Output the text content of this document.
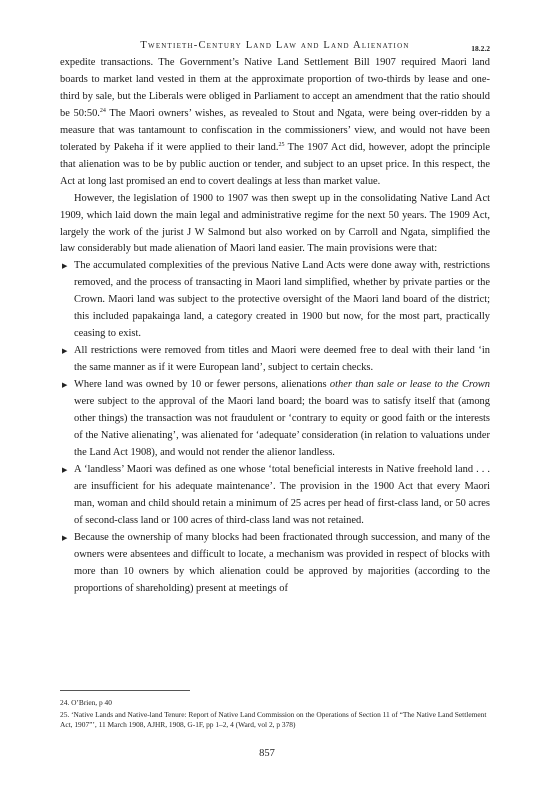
Twentieth-Century Land Law and Land Alienation	18.2.2

expedite transactions. The Government’s Native Land Settlement Bill 1907 required Maori land boards to market land vested in them at the approximate proportion of two-thirds by lease and one-third by sale, but the Liberals were obliged in Parliament to accept an amendment that the ratio should be 50:50.24 The Maori owners’ wishes, as revealed to Stout and Ngata, were being over-ridden by a measure that was tantamount to confiscation in the commissioners’ view, and would not have been tolerated by Pakeha if it were applied to their land.$^{25}$ The 1907 Act did, however, adopt the principle that alienation was to be by public auction or tender, and subject to an upset price. In this respect, the Act at long last promised an end to covert dealings at less than market value.

However, the legislation of 1900 to 1907 was then swept up in the consolidating Native Land Act 1909, which laid down the main legal and administrative regime for the next 50 years. The 1909 Act, largely the work of the jurist J W Salmond but also worked on by Carroll and Ngata, simplified the law considerably but made alienation of Maori land easier. The main provisions were that:

▶ The accumulated complexities of the previous Native Land Acts were done away with, restrictions removed, and the process of transacting in Maori land simplified, whether by private parties or the Crown. Maori land was subject to the protective oversight of the Maori land board of the district; this included papakainga land, a category created in 1900 but now, for the most part, practically ceasing to exist.
▶ All restrictions were removed from titles and Maori were deemed free to deal with their land ‘in the same manner as if it were European land’, subject to certain checks.
▶ Where land was owned by 10 or fewer persons, alienations other than sale or lease to the Crown were subject to the approval of the Maori land board; the board was to satisfy itself that (among other things) the transaction was not fraudulent or ‘contrary to equity or good faith or the interests of the Native alienating’, was alienated for ‘adequate’ consideration (in relation to valuations under the Land Act 1908), and would not render the alienor landless.
▶ A ‘landless’ Maori was defined as one whose ‘total beneficial interests in Native freehold land . . . are insufficient for his adequate maintenance’. The provision in the 1900 Act that every Maori man, woman and child should retain a minimum of 25 acres per head of first-class land, or 50 acres of second-class land or 100 acres of third-class land was not retained.
▶ Because the ownership of many blocks had been fractionated through succession, and many of the owners were absentees and difficult to locate, a mechanism was provided in respect of blocks with more than 10 owners by which alienation could be approved by majorities (according to the proportions of shareholding) present at meetings of

24. O’Brien, p 40

25. ‘Native Lands and Native-land Tenure: Report of Native Land Commission on the Operations of Section 11 of “The Native Land Settlement Act, 1907”’, 11 March 1908, AJHR, 1908, G-1F, pp 1–2, 4 (Ward, vol 2, p 378)

857
